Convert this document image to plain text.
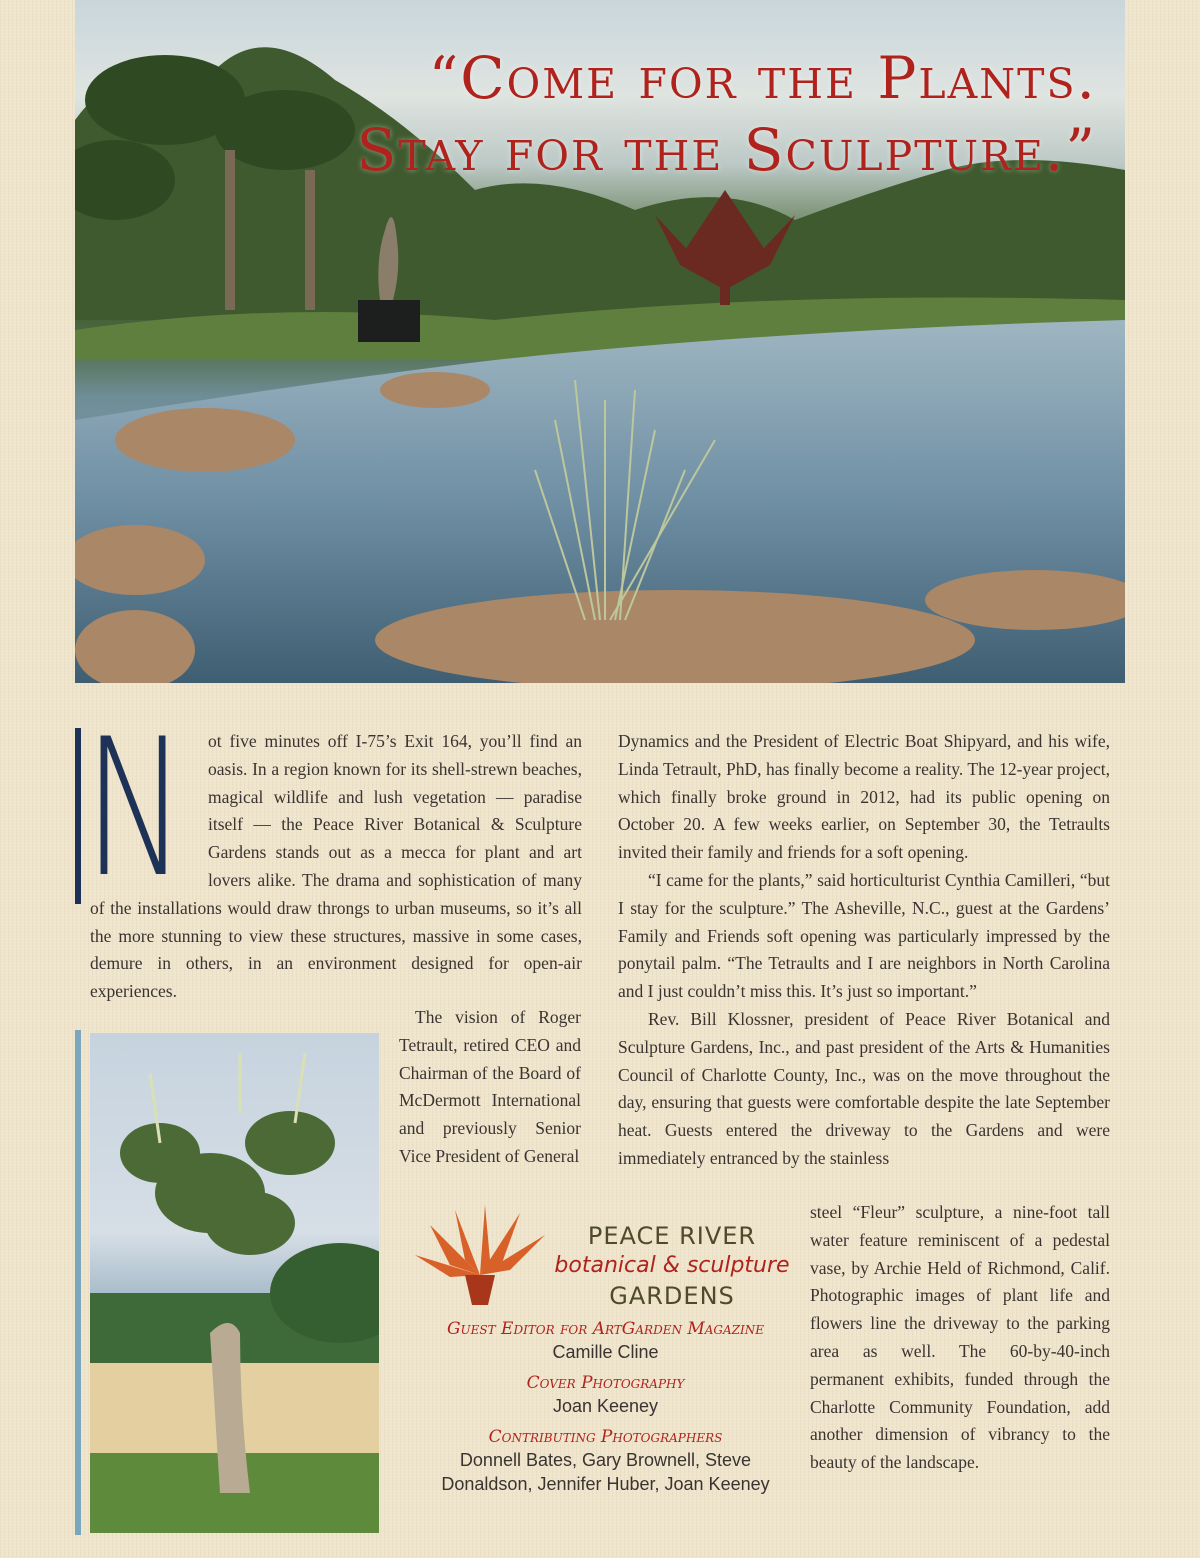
“Come for the Plants.
Stay for the Sculpture.”
N	ot five minutes off I-75’s Exit 164, you’ll find an oasis. In a region known for its shell-strewn beaches, magical wildlife and lush vegetation — paradise itself — the Peace River Botanical & Sculpture Gardens stands out as a mecca for plant and art lovers alike. The drama and sophistication of many of the installations would draw throngs to urban museums, so it’s all the more stunning to view these structures, massive in some cases, demure in others, in an environment designed for open-air experiences.

The vision of Roger Tetrault, retired CEO and Chairman of the Board of McDermott International and previously Senior Vice President of General

Dynamics and the President of Electric Boat Shipyard, and his wife, Linda Tetrault, PhD, has finally become a reality. The 12-year project, which finally broke ground in 2012, had its public opening on October 20. A few weeks earlier, on September 30, the Tetraults invited their family and friends for a soft opening.

“I came for the plants,” said horticulturist Cynthia Camilleri, “but I stay for the sculpture.” The Asheville, N.C., guest at the Gardens’ Family and Friends soft opening was particularly impressed by the ponytail palm. “The Tetraults and I are neighbors in North Carolina and I just couldn’t miss this. It’s just so important.”

Rev. Bill Klossner, president of Peace River Botanical and Sculpture Gardens, Inc., and past president of the Arts & Humanities Council of Charlotte County, Inc., was on the move throughout the day, ensuring that guests were comfortable despite the late September heat. Guests entered the driveway to the Gardens and were immediately entranced by the stainless

steel “Fleur” sculpture, a nine-foot tall water feature reminiscent of a pedestal vase, by Archie Held of Richmond, Calif. Photographic images of plant life and flowers line the driveway to the parking area as well. The 60-by-40-inch permanent exhibits, funded through the Charlotte Community Foundation, add another dimension of vibrancy to the beauty of the landscape.

PEACE RIVER
botanical & sculpture
GARDENS

Guest Editor for ArtGarden Magazine

Camille Cline

Cover Photography

Joan Keeney

Contributing Photographers

Donnell Bates, Gary Brownell, Steve

Donaldson, Jennifer Huber, Joan Keeney
